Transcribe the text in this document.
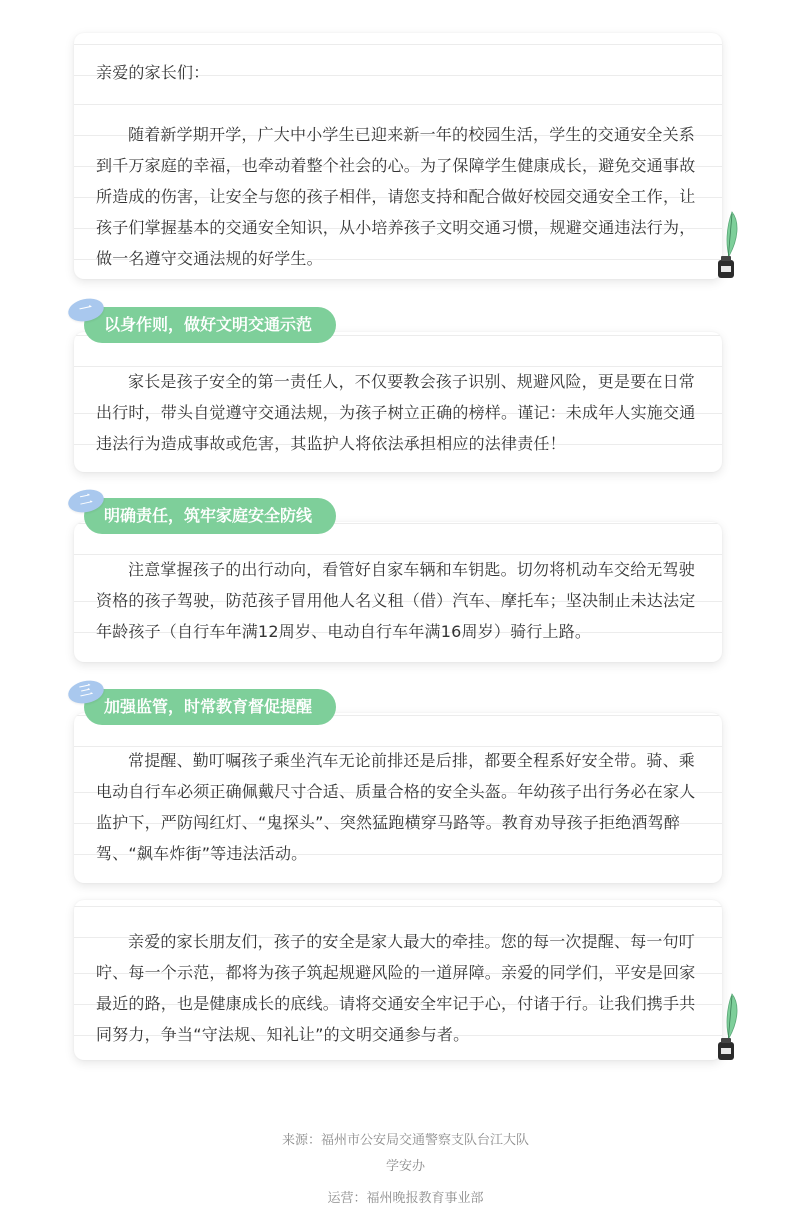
亲爱的家长们：

随着新学期开学，广大中小学生已迎来新一年的校园生活，学生的交通安全关系到千万家庭的幸福，也牵动着整个社会的心。为了保障学生健康成长，避免交通事故所造成的伤害，让安全与您的孩子相伴，请您支持和配合做好校园交通安全工作，让孩子们掌握基本的交通安全知识，从小培养孩子文明交通习惯，规避交通违法行为，做一名遵守交通法规的好学生。

一
以身作则，做好文明交通示范

家长是孩子安全的第一责任人，不仅要教会孩子识别、规避风险，更是要在日常出行时，带头自觉遵守交通法规，为孩子树立正确的榜样。谨记：未成年人实施交通违法行为造成事故或危害，其监护人将依法承担相应的法律责任！

二
明确责任，筑牢家庭安全防线

注意掌握孩子的出行动向，看管好自家车辆和车钥匙。切勿将机动车交给无驾驶资格的孩子驾驶，防范孩子冒用他人名义租（借）汽车、摩托车；坚决制止未达法定年龄孩子（自行车年满12周岁、电动自行车年满16周岁）骑行上路。

三
加强监管，时常教育督促提醒

常提醒、勤叮嘱孩子乘坐汽车无论前排还是后排，都要全程系好安全带。骑、乘电动自行车必须正确佩戴尺寸合适、质量合格的安全头盔。年幼孩子出行务必在家人监护下，严防闯红灯、“鬼探头”、突然猛跑横穿马路等。教育劝导孩子拒绝酒驾醉驾、“飙车炸街”等违法活动。

亲爱的家长朋友们，孩子的安全是家人最大的牵挂。您的每一次提醒、每一句叮咛、每一个示范，都将为孩子筑起规避风险的一道屏障。亲爱的同学们，平安是回家最近的路，也是健康成长的底线。请将交通安全牢记于心，付诸于行。让我们携手共同努力，争当“守法规、知礼让”的文明交通参与者。

来源：福州市公安局交通警察支队台江大队
学安办
运营：福州晚报教育事业部
